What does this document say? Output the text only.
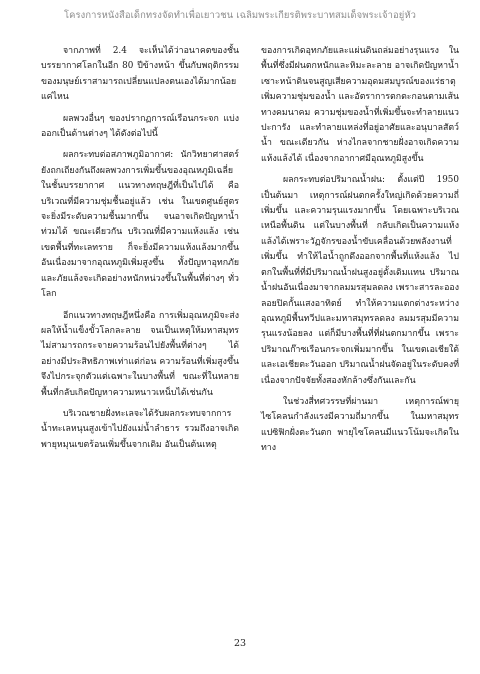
โครงการหนังสือเด็กทรงจัดทำเพื่อเยาวชน เฉลิมพระเกียรติพระบาทสมเด็จพระเจ้าอยู่หัว

จากภาพที่ 2.4 จะเห็นได้ว่าอนาคตของชั้นบรรยากาศโลกในอีก 80 ปีข้างหน้า ขึ้นกับพฤติกรรมของมนุษย์เราสามารถเปลี่ยนแปลงตนเองได้มากน้อยแค่ไหน

ผลพวงอื่นๆ ของปรากฏการณ์เรือนกระจก แบ่งออกเป็นด้านต่างๆ ได้ดังต่อไปนี้

ผลกระทบต่อสภาพภูมิอากาศ: นักวิทยาศาสตร์ยังถกเถียงกันถึงผลพวงการเพิ่มขึ้นของอุณหภูมิเฉลี่ยในชั้นบรรยากาศ แนวทางทฤษฎีที่เป็นไปได้ คือ บริเวณที่มีความชุ่มชื้นอยู่แล้ว เช่น ในเขตศูนย์สูตร จะยิ่งมีระดับความชื้นมากขึ้น จนอาจเกิดปัญหาน้ำท่วมได้ ขณะเดียวกัน บริเวณที่มีความแห้งแล้ง เช่น เขตพื้นที่ทะเลทราย ก็จะยิ่งมีความแห้งแล้งมากขึ้น อันเนื่องมาจากอุณหภูมิเพิ่มสูงขึ้น ทั้งปัญหาอุทกภัยและภัยแล้งจะเกิดอย่างหนักหน่วงขึ้นในพื้นที่ต่างๆ ทั่วโลก

อีกแนวทางทฤษฎีหนึ่งคือ การเพิ่มอุณหภูมิจะส่งผลให้น้ำแข็งขั้วโลกละลาย จนเป็นเหตุให้มหาสมุทรไม่สามารถกระจายความร้อนไปยังพื้นที่ต่างๆ ได้อย่างมีประสิทธิภาพเท่าแต่ก่อน ความร้อนที่เพิ่มสูงขึ้น จึงไปกระจุกตัวแต่เฉพาะในบางพื้นที่ ขณะที่ในหลายพื้นที่กลับเกิดปัญหาความหนาวเหน็บได้เช่นกัน

บริเวณชายฝั่งทะเลจะได้รับผลกระทบจากการน้ำทะเลหนุนสูงเข้าไปยังแม่น้ำลำธาร รวมถึงอาจเกิดพายุหมุนเขตร้อนเพิ่มขึ้นจากเดิม อันเป็นต้นเหตุ

ของการเกิดอุทกภัยและแผ่นดินถล่มอย่างรุนแรง ในพื้นที่ซึ่งมีฝนตกหนักและหิมะละลาย อาจเกิดปัญหาน้ำเซาะหน้าดินจนสูญเสียความอุดมสมบูรณ์ของแร่ธาตุ เพิ่มความชุ่มของน้ำ และอัตราการตกตะกอนตามเส้นทางคมนาคม ความชุ่มของน้ำที่เพิ่มขึ้นจะทำลายแนวปะการัง และทำลายแหล่งที่อยู่อาศัยและอนุบาลสัตว์น้ำ ขณะเดียวกัน ห่างไกลจากชายฝั่งอาจเกิดความแห้งแล้งได้ เนื่องจากอากาศมีอุณหภูมิสูงขึ้น

ผลกระทบต่อปริมาณน้ำฝน: ตั้งแต่ปี 1950 เป็นต้นมา เหตุการณ์ฝนตกครั้งใหญ่เกิดด้วยความถี่เพิ่มขึ้น และความรุนแรงมากขึ้น โดยเฉพาะบริเวณเหนือพื้นดิน แต่ในบางพื้นที่ กลับเกิดเป็นความแห้งแล้งได้เพราะวัฏจักรของน้ำขับเคลื่อนด้วยพลังงานที่เพิ่มขึ้น ทำให้ไอน้ำถูกดึงออกจากพื้นที่แห้งแล้ง ไปตกในพื้นที่ที่มีปริมาณน้ำฝนสูงอยู่ดั้งเดิมแทน ปริมาณน้ำฝนอันเนื่องมาจากลมมรสุมลดลง เพราะสารละอองลอยปิดกั้นแสงอาทิตย์ ทำให้ความแตกต่างระหว่างอุณหภูมิพื้นทวีปและมหาสมุทรลดลง ลมมรสุมมีความรุนแรงน้อยลง แต่ก็มีบางพื้นที่ที่ฝนตกมากขึ้น เพราะปริมาณก๊าซเรือนกระจกเพิ่มมากขึ้น ในเขตเอเชียใต้ และเอเชียตะวันออก ปริมาณน้ำฝนจัดอยู่ในระดับคงที่ เนื่องจากปัจจัยทั้งสองหักล้างซึ่งกันและกัน

ในช่วงสี่ทศวรรษที่ผ่านมา เหตุการณ์พายุไซโคลนกำลังแรงมีความถี่มากขึ้น ในมหาสมุทรแปซิฟิกฝั่งตะวันตก พายุไซโคลนมีแนวโน้มจะเกิดในทาง

23
